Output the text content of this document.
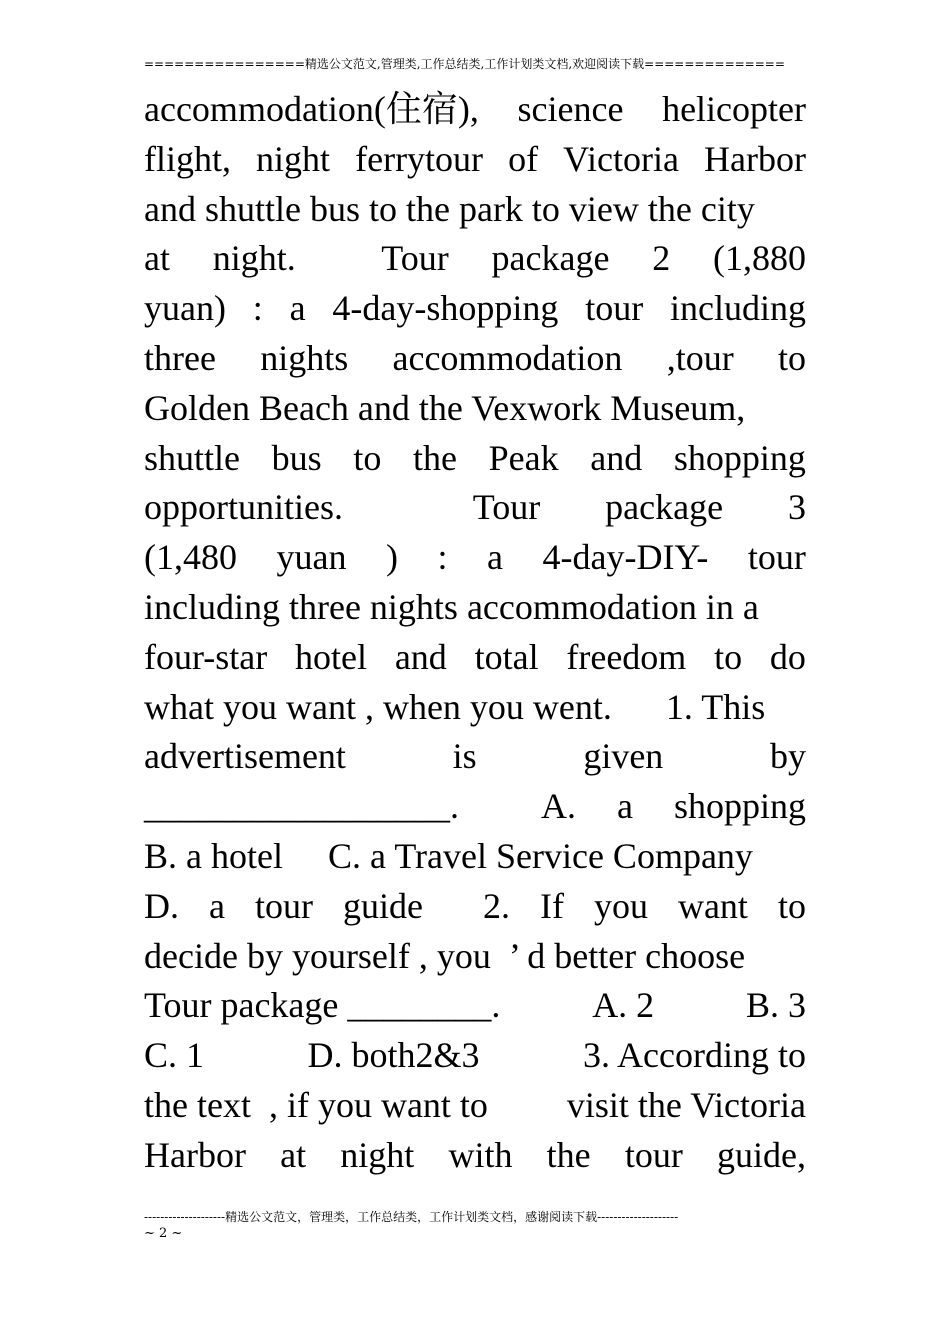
================精选公文范文,管理类,工作总结类,工作计划类文档,欢迎阅读下载==============
accommodation(住宿), science helicopter
flight, night ferrytour of Victoria Harbor
and shuttle bus to the park to view the city
at night. Tour package 2 (1,880
yuan) : a 4-day-shopping tour including
three nights accommodation ,tour to
Golden Beach and the Vexwork Museum,
shuttle bus to the Peak and shopping
opportunities.	Tour package 3
(1,480 yuan ) : a 4-day-DIY- tour
including three nights accommodation in a
four-star hotel and total freedom to do
what you want , when you went.      1. This
advertisement	is	given	by
_________________. A. a shopping
B. a hotel     C. a Travel Service Company
D. a tour guide 2. If you want to
decide by yourself , you  ’ d better choose
Tour package ________.	A. 2	B. 3
C. 1	D. both2&3	3. According to
the text  , if you want to visit the Victoria
Harbor at night with the tour guide,
--------------------精选公文范文，管理类，工作总结类，工作计划类文档，感谢阅读下载--------------------
~ 2 ~
